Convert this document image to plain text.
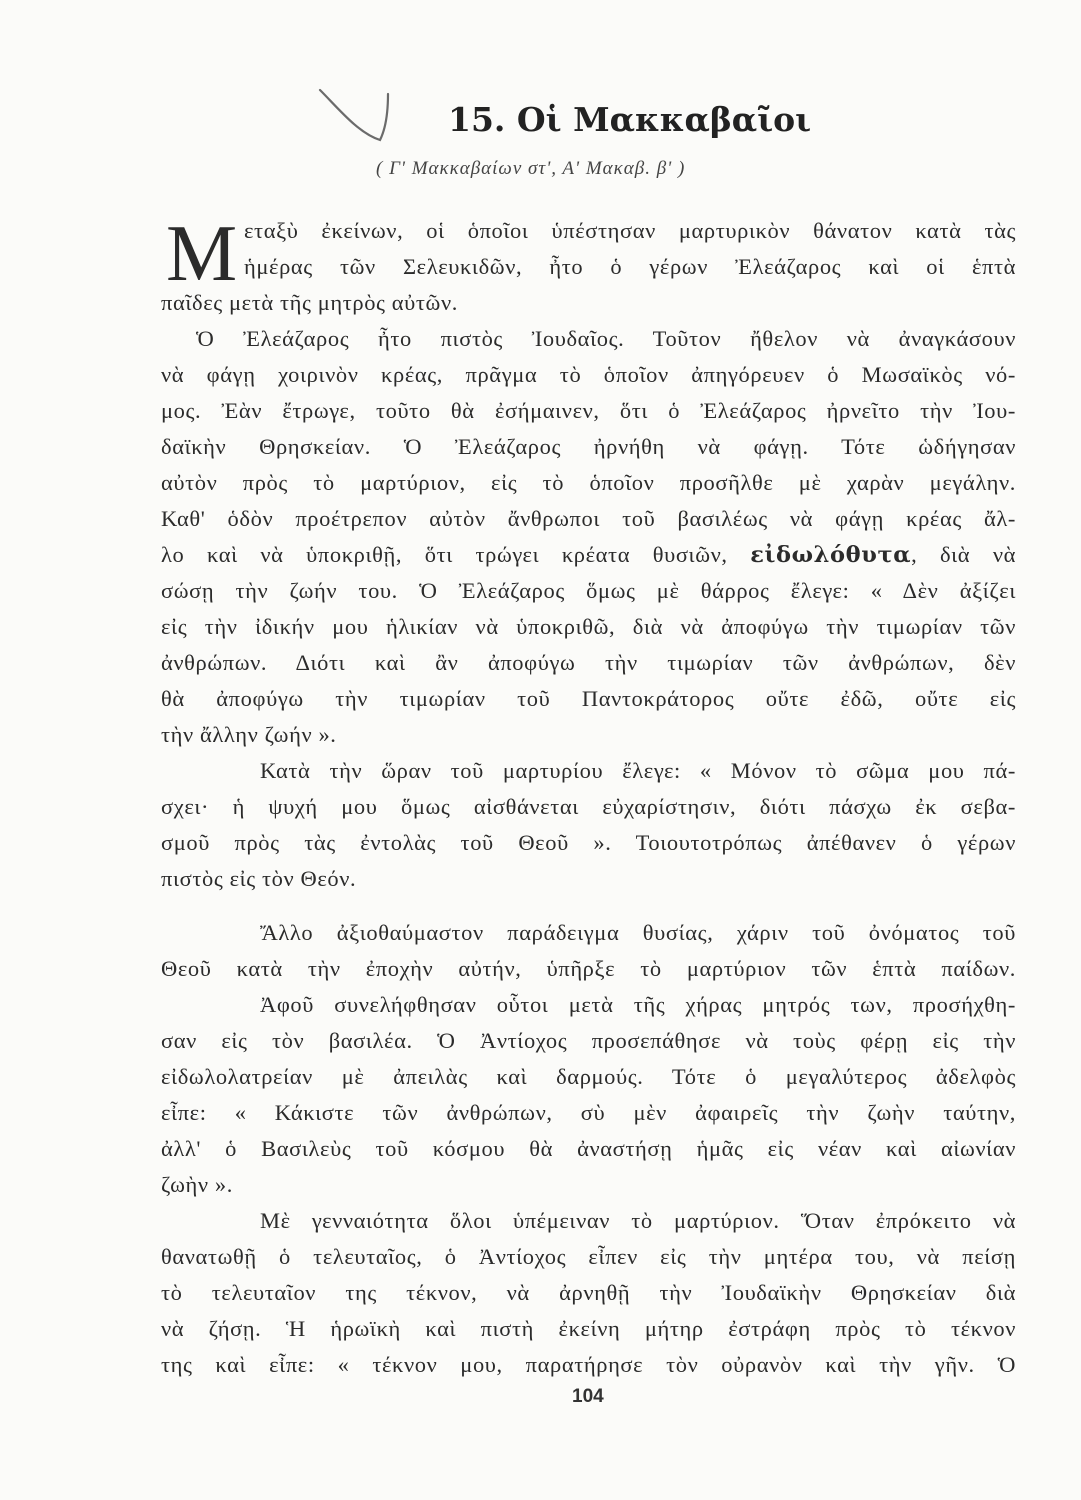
15. Οἱ Μακκαβαῖοι
( Γ' Μακκαβαίων στ', Α' Μακαβ. β' )
Μ εταξὺ ἐκείνων, οἱ ὁποῖοι ὑπέστησαν μαρτυρικὸν θάνατον κατὰ τὰς
ἡμέρας τῶν Σελευκιδῶν, ἦτο ὁ γέρων Ἐλεάζαρος καὶ οἱ ἑπτὰ
παῖδες μετὰ τῆς μητρὸς αὐτῶν.
Ὁ Ἐλεάζαρος ἦτο πιστὸς Ἰουδαῖος. Τοῦτον ἤθελον νὰ ἀναγκάσουν
νὰ φάγῃ χοιρινὸν κρέας, πρᾶγμα τὸ ὁποῖον ἀπηγόρευεν ὁ Μωσαϊκὸς νό-
μος. Ἐὰν ἔτρωγε, τοῦτο θὰ ἐσήμαινεν, ὅτι ὁ Ἐλεάζαρος ἠρνεῖτο τὴν Ἰου-
δαϊκὴν Θρησκείαν. Ὁ Ἐλεάζαρος ἠρνήθη νὰ φάγῃ. Τότε ὡδήγησαν
αὐτὸν πρὸς τὸ μαρτύριον, εἰς τὸ ὁποῖον προσῆλθε μὲ χαρὰν μεγάλην.
Καθ' ὁδὸν προέτρεπον αὐτὸν ἄνθρωποι τοῦ βασιλέως νὰ φάγῃ κρέας ἄλ-
λο καὶ νὰ ὑποκριθῇ, ὅτι τρώγει κρέατα θυσιῶν, εἰδωλόθυτα, διὰ νὰ
σώσῃ τὴν ζωήν του. Ὁ Ἐλεάζαρος ὅμως μὲ θάρρος ἔλεγε: « Δὲν ἀξίζει
εἰς τὴν ἰδικήν μου ἡλικίαν νὰ ὑποκριθῶ, διὰ νὰ ἀποφύγω τὴν τιμωρίαν τῶν
ἀνθρώπων. Διότι καὶ ἂν ἀποφύγω τὴν τιμωρίαν τῶν ἀνθρώπων, δὲν
θὰ ἀποφύγω τὴν τιμωρίαν τοῦ Παντοκράτορος οὔτε ἐδῶ, οὔτε εἰς
τὴν ἄλλην ζωήν ».
Κατὰ τὴν ὥραν τοῦ μαρτυρίου ἔλεγε: « Μόνον τὸ σῶμα μου πά-
σχει· ἡ ψυχή μου ὅμως αἰσθάνεται εὐχαρίστησιν, διότι πάσχω ἐκ σεβα-
σμοῦ πρὸς τὰς ἐντολὰς τοῦ Θεοῦ ». Τοιουτοτρόπως ἀπέθανεν ὁ γέρων
πιστὸς εἰς τὸν Θεόν.
Ἄλλο ἀξιοθαύμαστον παράδειγμα θυσίας, χάριν τοῦ ὀνόματος τοῦ
Θεοῦ κατὰ τὴν ἐποχὴν αὐτήν, ὑπῆρξε τὸ μαρτύριον τῶν ἑπτὰ παίδων.
Ἀφοῦ συνελήφθησαν οὗτοι μετὰ τῆς χήρας μητρός των, προσήχθη-
σαν εἰς τὸν βασιλέα. Ὁ Ἀντίοχος προσεπάθησε νὰ τοὺς φέρῃ εἰς τὴν
εἰδωλολατρείαν μὲ ἀπειλὰς καὶ δαρμούς. Τότε ὁ μεγαλύτερος ἀδελφὸς
εἶπε: « Κάκιστε τῶν ἀνθρώπων, σὺ μὲν ἀφαιρεῖς τὴν ζωὴν ταύτην,
ἀλλ' ὁ Βασιλεὺς τοῦ κόσμου θὰ ἀναστήσῃ ἡμᾶς εἰς νέαν καὶ αἰωνίαν
ζωὴν ».
Μὲ γενναιότητα ὅλοι ὑπέμειναν τὸ μαρτύριον. Ὅταν ἐπρόκειτο νὰ
θανατωθῇ ὁ τελευταῖος, ὁ Ἀντίοχος εἶπεν εἰς τὴν μητέρα του, νὰ πείσῃ
τὸ τελευταῖον της τέκνον, νὰ ἀρνηθῇ τὴν Ἰουδαϊκὴν Θρησκείαν διὰ
νὰ ζήσῃ. Ἡ ἡρωϊκὴ καὶ πιστὴ ἐκείνη μήτηρ ἐστράφη πρὸς τὸ τέκνον
της καὶ εἶπε: « τέκνον μου, παρατήρησε τὸν οὐρανὸν καὶ τὴν γῆν. Ὁ
104
